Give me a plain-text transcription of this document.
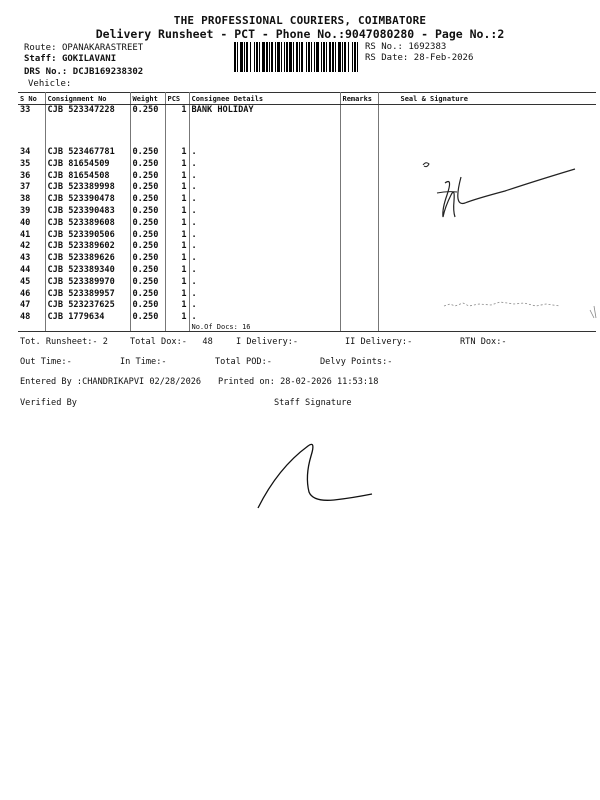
THE PROFESSIONAL COURIERS, COIMBATORE
Delivery Runsheet - PCT - Phone No.:9047080280 - Page No.:2
Route: OPANAKARASTREET
Staff: GOKILAVANI
DRS No.: DCJB169238302
Vehicle:
RS No.: 1692383
RS Date: 28-Feb-2026
S No	Consignment No	Weight	PCS	Consignee Details	Remarks	Seal & Signature
33	CJB 523347228	0.250	1	BANK HOLIDAY		
34	CJB 523467781	0.250	1	.		
35	CJB 81654509	0.250	1	.		
36	CJB 81654508	0.250	1	.		
37	CJB 523389998	0.250	1	.		
38	CJB 523390478	0.250	1	.		
39	CJB 523390483	0.250	1	.		
40	CJB 523389608	0.250	1	.		
41	CJB 523390506	0.250	1	.		
42	CJB 523389602	0.250	1	.		
43	CJB 523389626	0.250	1	.		
44	CJB 523389340	0.250	1	.		
45	CJB 523389970	0.250	1	.		
46	CJB 523389957	0.250	1	.		
47	CJB 523237625	0.250	1	.		
48	CJB 1779634	0.250	1	.
No.Of Docs: 16		

Tot. Runsheet:- 2	Total Dox:-   48	I Delivery:-	II Delivery:-	RTN Dox:-
Out Time:-	In Time:-	Total POD:-	Delvy Points:-
Entered By :CHANDRIKAPVI 02/28/2026 Printed on: 28-02-2026 11:53:18
Verified By	Staff Signature
